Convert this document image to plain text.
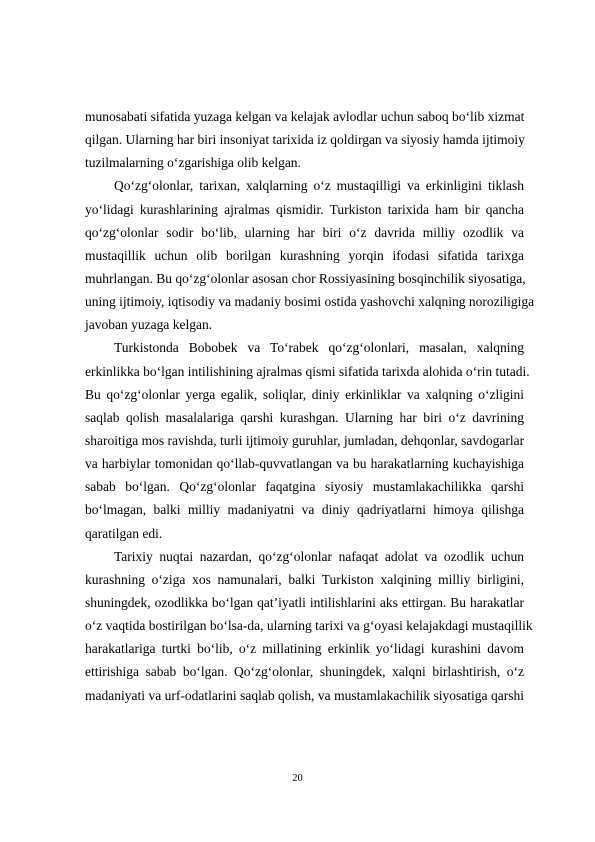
munosabati sifatida yuzaga kelgan va kelajak avlodlar uchun saboq bo‘lib xizmat
qilgan. Ularning har biri insoniyat tarixida iz qoldirgan va siyosiy hamda ijtimoiy
tuzilmalarning o‘zgarishiga olib kelgan.
Qo‘zg‘olonlar, tarixan, xalqlarning o‘z mustaqilligi va erkinligini tiklash
yo‘lidagi kurashlarining ajralmas qismidir. Turkiston tarixida ham bir qancha
qo‘zg‘olonlar sodir bo‘lib, ularning har biri o‘z davrida milliy ozodlik va
mustaqillik uchun olib borilgan kurashning yorqin ifodasi sifatida tarixga
muhrlangan. Bu qo‘zg‘olonlar asosan chor Rossiyasining bosqinchilik siyosatiga,
uning ijtimoiy, iqtisodiy va madaniy bosimi ostida yashovchi xalqning noroziligiga
javoban yuzaga kelgan.
Turkistonda Bobobek va To‘rabek qo‘zg‘olonlari, masalan, xalqning
erkinlikka bo‘lgan intilishining ajralmas qismi sifatida tarixda alohida o‘rin tutadi.
Bu qo‘zg‘olonlar yerga egalik, soliqlar, diniy erkinliklar va xalqning o‘zligini
saqlab qolish masalalariga qarshi kurashgan. Ularning har biri o‘z davrining
sharoitiga mos ravishda, turli ijtimoiy guruhlar, jumladan, dehqonlar, savdogarlar
va harbiylar tomonidan qo‘llab-quvvatlangan va bu harakatlarning kuchayishiga
sabab bo‘lgan. Qo‘zg‘olonlar faqatgina siyosiy mustamlakachilikka qarshi
bo‘lmagan, balki milliy madaniyatni va diniy qadriyatlarni himoya qilishga
qaratilgan edi.
Tarixiy nuqtai nazardan, qo‘zg‘olonlar nafaqat adolat va ozodlik uchun
kurashning o‘ziga xos namunalari, balki Turkiston xalqining milliy birligini,
shuningdek, ozodlikka bo‘lgan qat’iyatli intilishlarini aks ettirgan. Bu harakatlar
o‘z vaqtida bostirilgan bo‘lsa-da, ularning tarixi va g‘oyasi kelajakdagi mustaqillik
harakatlariga turtki bo‘lib, o‘z millatining erkinlik yo‘lidagi kurashini davom
ettirishiga sabab bo‘lgan. Qo‘zg‘olonlar, shuningdek, xalqni birlashtirish, o‘z
madaniyati va urf-odatlarini saqlab qolish, va mustamlakachilik siyosatiga qarshi
20
